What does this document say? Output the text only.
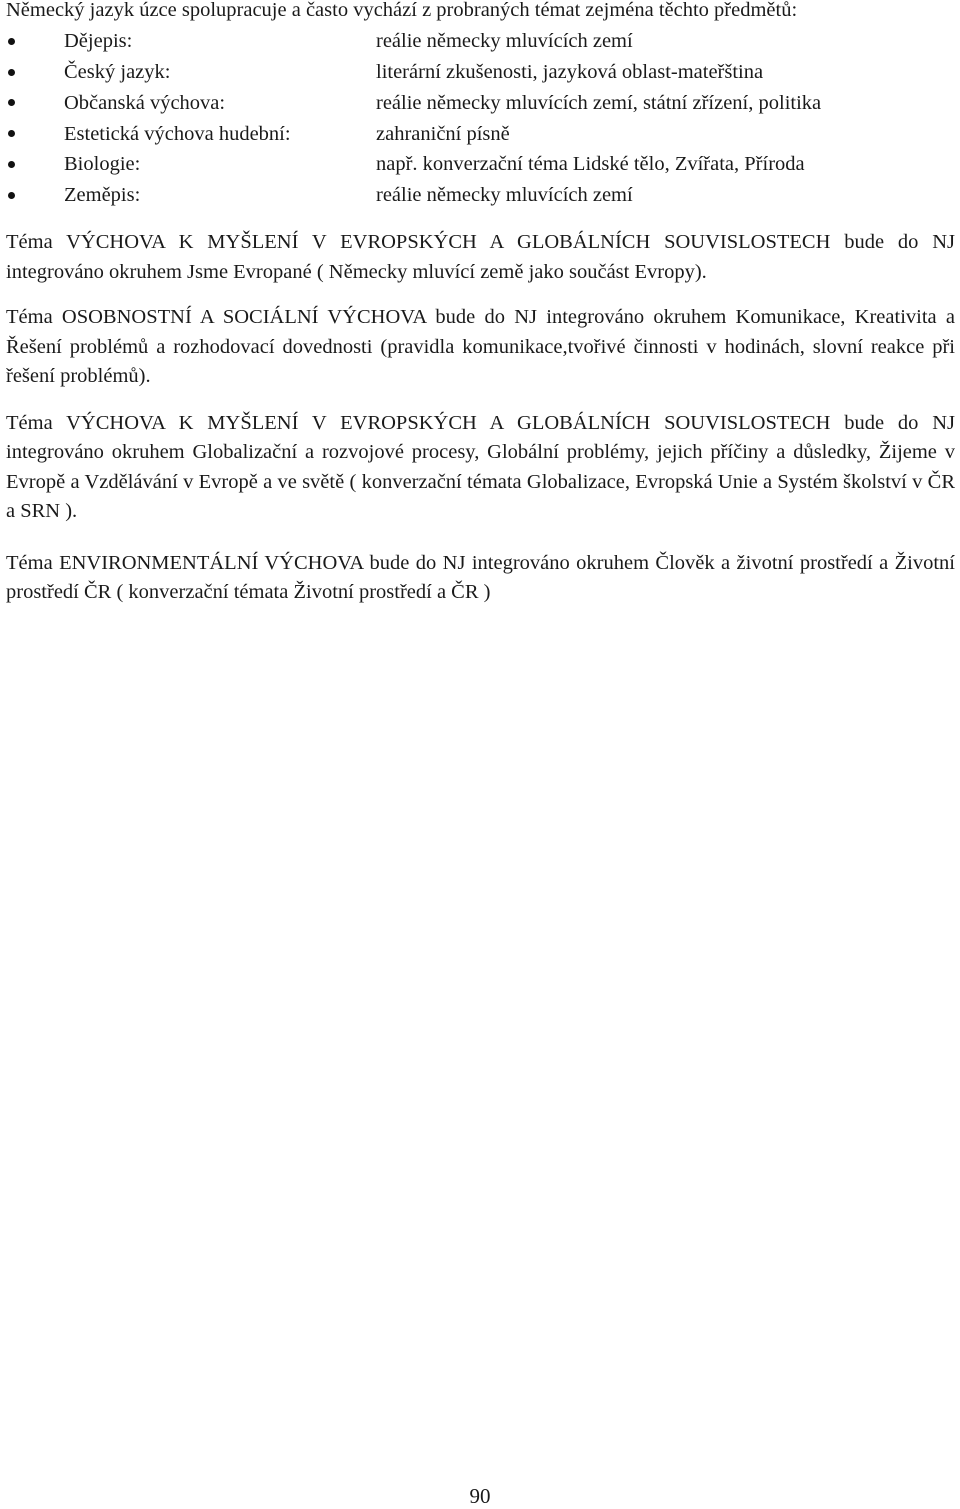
Německý jazyk úzce spolupracuje a často vychází z probraných témat zejména těchto předmětů:

Dějepis:	reálie německy mluvících zemí
Český jazyk:	literární zkušenosti, jazyková oblast-mateřština
Občanská výchova:	reálie německy mluvících zemí, státní zřízení, politika
Estetická výchova hudební:	zahraniční písně
Biologie:	např. konverzační téma Lidské tělo, Zvířata, Příroda
Zeměpis:	reálie německy mluvících zemí

Téma VÝCHOVA K MYŠLENÍ V EVROPSKÝCH A GLOBÁLNÍCH SOUVISLOSTECH bude do NJ integrováno okruhem Jsme Evropané ( Německy mluvící země jako součást Evropy).

Téma OSOBNOSTNÍ A SOCIÁLNÍ VÝCHOVA bude do NJ integrováno okruhem Komunikace, Kreativita a Řešení problémů a rozhodovací dovednosti (pravidla komunikace,tvořivé činnosti v hodinách, slovní reakce při řešení problémů).

Téma VÝCHOVA K MYŠLENÍ V EVROPSKÝCH A GLOBÁLNÍCH SOUVISLOSTECH bude do NJ integrováno okruhem Globalizační a rozvojové procesy, Globální problémy, jejich příčiny a důsledky, Žijeme v Evropě a Vzdělávání v Evropě a ve světě ( konverzační témata Globalizace, Evropská Unie a Systém školství v ČR a SRN ).

Téma ENVIRONMENTÁLNÍ VÝCHOVA bude do NJ integrováno okruhem Člověk a životní prostředí a Životní prostředí ČR ( konverzační témata Životní prostředí a ČR )

90
